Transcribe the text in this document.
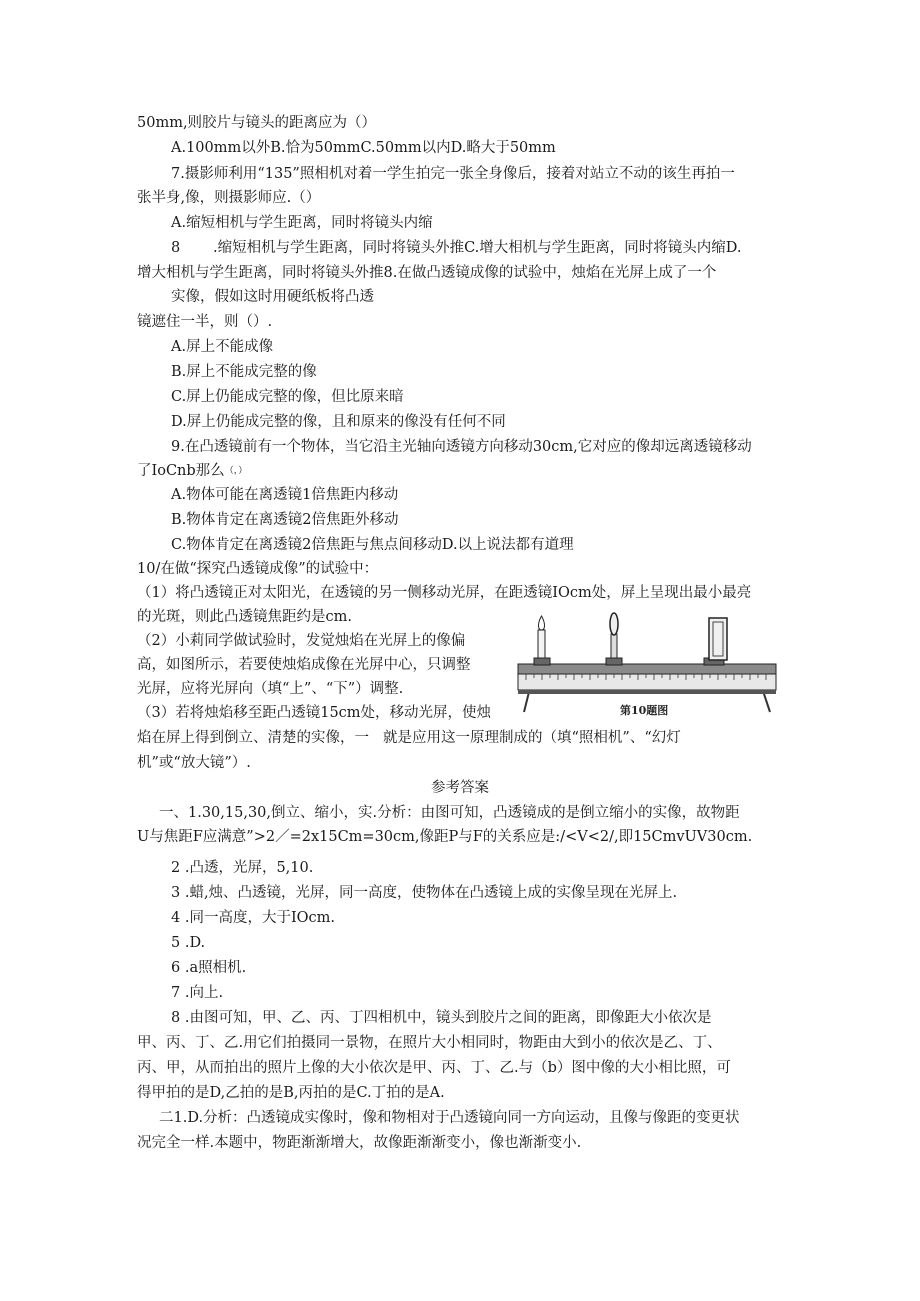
50mm,则胶片与镜头的距离应为（）
A.100mm以外B.恰为50mmC.50mm以内D.略大于50mm
7.摄影师利用“135”照相机对着一学生拍完一张全身像后，接着对站立不动的该生再拍一
张半身,像，则摄影师应.（）
A.缩短相机与学生距离，同时将镜头内缩
8 .缩短相机与学生距离，同时将镜头外推C.增大相机与学生距离，同时将镜头内缩D.
增大相机与学生距离，同时将镜头外推8.在做凸透镜成像的试验中，烛焰在光屏上成了一个
实像，假如这时用硬纸板将凸透
镜遮住一半，则（）.
A.屏上不能成像
B.屏上不能成完整的像
C.屏上仍能成完整的像，但比原来暗
D.屏上仍能成完整的像，且和原来的像没有任何不同
9.在凸透镜前有一个物体，当它沿主光轴向透镜方向移动30cm,它对应的像却远离透镜移动
了IoCnb那么（，）
A.物体可能在离透镜1倍焦距内移动
B.物体肯定在离透镜2倍焦距外移动
C.物体肯定在离透镜2倍焦距与焦点间移动D.以上说法都有道理
10/在做“探究凸透镜成像”的试验中：
（1）将凸透镜正对太阳光，在透镜的另一侧移动光屏，在距透镜IOcm处，屏上呈现出最小最亮
的光斑，则此凸透镜焦距约是cm.
（2）小莉同学做试验时，发觉烛焰在光屏上的像偏
高，如图所示，若要使烛焰成像在光屏中心，只调整
光屏，应将光屏向（填“上”、“下”）调整.
（3）若将烛焰移至距凸透镜15cm处，移动光屏，使烛
焰在屏上得到倒立、清楚的实像，一 就是应用这一原理制成的（填“照相机”、“幻灯
机”或“放大镜”）.
参考答案
一、1.30,15,30,倒立、缩小，实.分析：由图可知，凸透镜成的是倒立缩小的实像，故物距
U与焦距F应满意”>2／=2x15Cm=30cm,像距P与F的关系应是:/<V<2/,即15CmvUV30cm.
2 .凸透，光屏，5,10.
3 .蜡,烛、凸透镜，光屏，同一高度，使物体在凸透镜上成的实像呈现在光屏上.
4 .同一高度，大于IOcm.
5 .D.
6 .a照相机.
7 .向上.
8 .由图可知，甲、乙、丙、丁四相机中，镜头到胶片之间的距离，即像距大小依次是
甲、丙、丁、乙.用它们拍摄同一景物，在照片大小相同时，物距由大到小的依次是乙、丁、
丙、甲，从而拍出的照片上像的大小依次是甲、丙、丁、乙.与（b）图中像的大小相比照，可
得甲拍的是D,乙拍的是B,丙拍的是C.丁拍的是A.
二1.D.分析：凸透镜成实像时，像和物相对于凸透镜向同一方向运动，且像与像距的变更状
况完全一样.本题中，物距渐渐增大，故像距渐渐变小，像也渐渐变小.
第10题图
